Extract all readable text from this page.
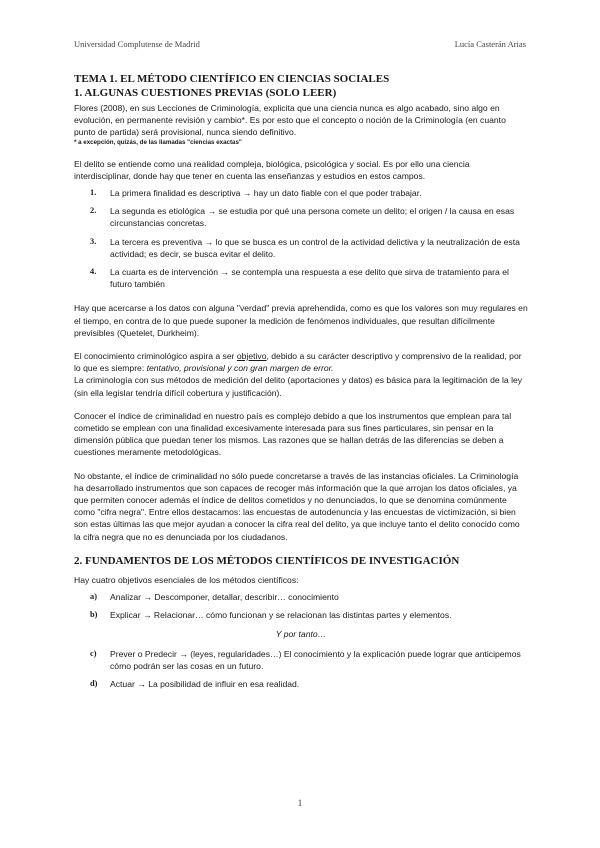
Universidad Complutense de Madrid	Lucía Casterán Arias

TEMA 1. EL MÉTODO CIENTÍFICO EN CIENCIAS SOCIALES

1. ALGUNAS CUESTIONES PREVIAS (SOLO LEER)

Flores (2008), en sus Lecciones de Criminología, explicita que una ciencia nunca es algo acabado, sino algo en evolución, en permanente revisión y cambio*. Es por esto que el concepto o noción de la Criminología (en cuanto punto de partida) será provisional, nunca siendo definitivo.

* a excepción, quizás, de las llamadas "ciencias exactas"

El delito se entiende como una realidad compleja, biológica, psicológica y social. Es por ello una ciencia interdisciplinar, donde hay que tener en cuenta las enseñanzas y estudios en estos campos.

1. La primera finalidad es descriptiva → hay un dato fiable con el que poder trabajar.
2. La segunda es etiológica → se estudia por qué una persona comete un delito; el origen / la causa en esas circunstancias concretas.
3. La tercera es preventiva → lo que se busca es un control de la actividad delictiva y la neutralización de esta actividad; es decir, se busca evitar el delito.
4. La cuarta es de intervención → se contempla una respuesta a ese delito que sirva de tratamiento para el futuro también

Hay que acercarse a los datos con alguna "verdad" previa aprehendida, como es que los valores son muy regulares en el tiempo, en contra de lo que puede suponer la medición de fenómenos individuales, que resultan difícilmente previsibles (Quetelet, Durkheim).

El conocimiento criminológico aspira a ser objetivo, debido a su carácter descriptivo y comprensivo de la realidad, por lo que es siempre: tentativo, provisional y con gran margen de error.

La criminología con sus métodos de medición del delito (aportaciones y datos) es básica para la legitimación de la ley (sin ella legislar tendría difícil cobertura y justificación).

Conocer el índice de criminalidad en nuestro país es complejo debido a que los instrumentos que emplean para tal cometido se emplean con una finalidad excesivamente interesada para sus fines particulares, sin pensar en la dimensión pública que puedan tener los mismos. Las razones que se hallan detrás de las diferencias se deben a cuestiones meramente metodológicas.

No obstante, el índice de criminalidad no sólo puede concretarse a través de las instancias oficiales. La Criminología ha desarrollado instrumentos que son capaces de recoger más información que la que arrojan los datos oficiales, ya que permiten conocer además el índice de delitos cometidos y no denunciados, lo que se denomina comúnmente como "cifra negra". Entre ellos destacamos: las encuestas de autodenuncia y las encuestas de victimización, si bien son estas últimas las que mejor ayudan a conocer la cifra real del delito, ya que incluye tanto el delito conocido como la cifra negra que no es denunciada por los ciudadanos.

2. FUNDAMENTOS DE LOS MÉTODOS CIENTÍFICOS DE INVESTIGACIÓN

Hay cuatro objetivos esenciales de los métodos científicos:

a) Analizar → Descomponer, detallar, describir… conocimiento
b) Explicar → Relacionar… cómo funcionan y se relacionan las distintas partes y elementos.

Y por tanto…

c) Prever o Predecir → (leyes, regularidades…) El conocimiento y la explicación puede lograr que anticipemos cómo podrán ser las cosas en un futuro.
d) Actuar → La posibilidad de influir en esa realidad.
1
